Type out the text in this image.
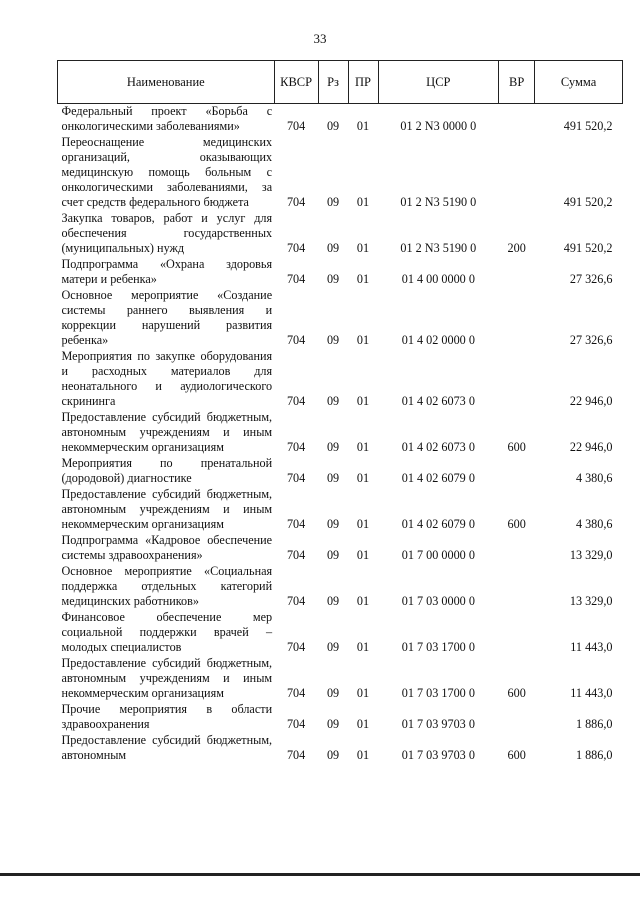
33
Наименование	КВСР	Рз	ПР	ЦСР	ВР	Сумма
Федеральный проект «Борьба с онкологическими заболеваниями»	704	09	01	01 2 N3 0000 0		491 520,2
Переоснащение медицинских организаций, оказывающих медицинскую помощь больным с онкологическими заболеваниями, за счет средств федерального бюджета	704	09	01	01 2 N3 5190 0		491 520,2
Закупка товаров, работ и услуг для обеспечения государственных (муниципальных) нужд	704	09	01	01 2 N3 5190 0	200	491 520,2
Подпрограмма «Охрана здоровья матери и ребенка»	704	09	01	01 4 00 0000 0		27 326,6
Основное мероприятие «Создание системы раннего выявления и коррекции нарушений развития ребенка»	704	09	01	01 4 02 0000 0		27 326,6
Мероприятия по закупке оборудования и расходных материалов для неонатального и аудиологического скрининга	704	09	01	01 4 02 6073 0		22 946,0
Предоставление субсидий бюджетным, автономным учреждениям и иным некоммерческим организациям	704	09	01	01 4 02 6073 0	600	22 946,0
Мероприятия по пренатальной (дородовой) диагностике	704	09	01	01 4 02 6079 0		4 380,6
Предоставление субсидий бюджетным, автономным учреждениям и иным некоммерческим организациям	704	09	01	01 4 02 6079 0	600	4 380,6
Подпрограмма «Кадровое обеспечение системы здравоохранения»	704	09	01	01 7 00 0000 0		13 329,0
Основное мероприятие «Социальная поддержка отдельных категорий медицинских работников»	704	09	01	01 7 03 0000 0		13 329,0
Финансовое обеспечение мер социальной поддержки врачей – молодых специалистов	704	09	01	01 7 03 1700 0		11 443,0
Предоставление субсидий бюджетным, автономным учреждениям и иным некоммерческим организациям	704	09	01	01 7 03 1700 0	600	11 443,0
Прочие мероприятия в области здравоохранения	704	09	01	01 7 03 9703 0		1 886,0
Предоставление субсидий бюджетным, автономным	704	09	01	01 7 03 9703 0	600	1 886,0
